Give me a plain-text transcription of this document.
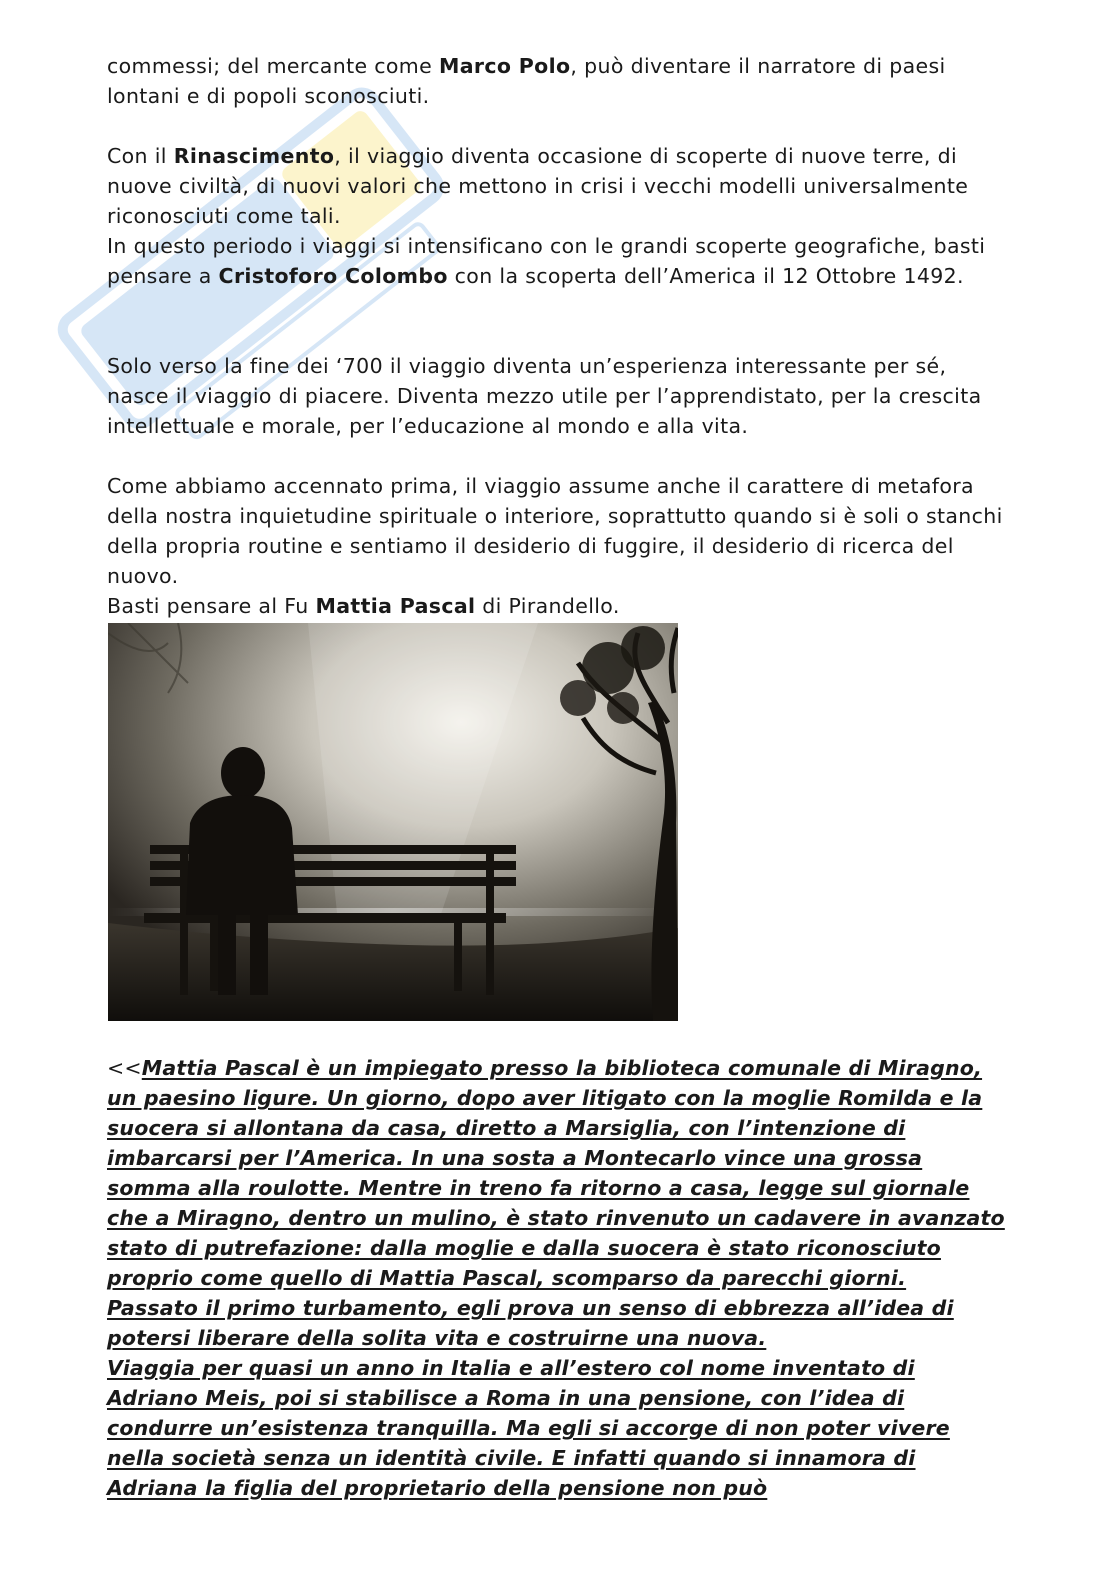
commessi; del mercante come Marco Polo, può diventare il narratore di paesi lontani e di popoli sconosciuti.

Con il Rinascimento, il viaggio diventa occasione di scoperte di nuove terre, di nuove civiltà, di nuovi valori che mettono in crisi i vecchi modelli universalmente riconosciuti come tali.
In questo periodo i viaggi si intensificano con le grandi scoperte geografiche, basti pensare a Cristoforo Colombo con la scoperta dell’America il 12 Ottobre 1492.

Solo verso la fine dei ‘700 il viaggio diventa un’esperienza interessante per sé, nasce il viaggio di piacere. Diventa mezzo utile per l’apprendistato, per la crescita intellettuale e morale, per l’educazione al mondo e alla vita.

Come abbiamo accennato prima, il viaggio assume anche il carattere di metafora della nostra inquietudine spirituale o interiore, soprattutto quando si è soli o stanchi della propria routine e sentiamo il desiderio di fuggire, il desiderio di ricerca del nuovo.
Basti pensare al Fu Mattia Pascal di Pirandello.

<<Mattia Pascal è un impiegato presso la biblioteca comunale di Miragno, un paesino ligure. Un giorno, dopo aver litigato con la moglie Romilda e la suocera si allontana da casa, diretto a Marsiglia, con l’intenzione di imbarcarsi per l’America. In una sosta a Montecarlo vince una grossa somma alla roulotte. Mentre in treno fa ritorno a casa, legge sul giornale che a Miragno, dentro un mulino, è stato rinvenuto un cadavere in avanzato stato di putrefazione: dalla moglie e dalla suocera è stato riconosciuto proprio come quello di Mattia Pascal, scomparso da parecchi giorni.
Passato il primo turbamento, egli prova un senso di ebbrezza all’idea di potersi liberare della solita vita e costruirne una nuova.
Viaggia per quasi un anno in Italia e all’estero col nome inventato di Adriano Meis, poi si stabilisce a Roma in una pensione, con l’idea di condurre un’esistenza tranquilla. Ma egli si accorge di non poter vivere nella società senza un identità civile. E infatti quando si innamora di Adriana la figlia del proprietario della pensione non può
